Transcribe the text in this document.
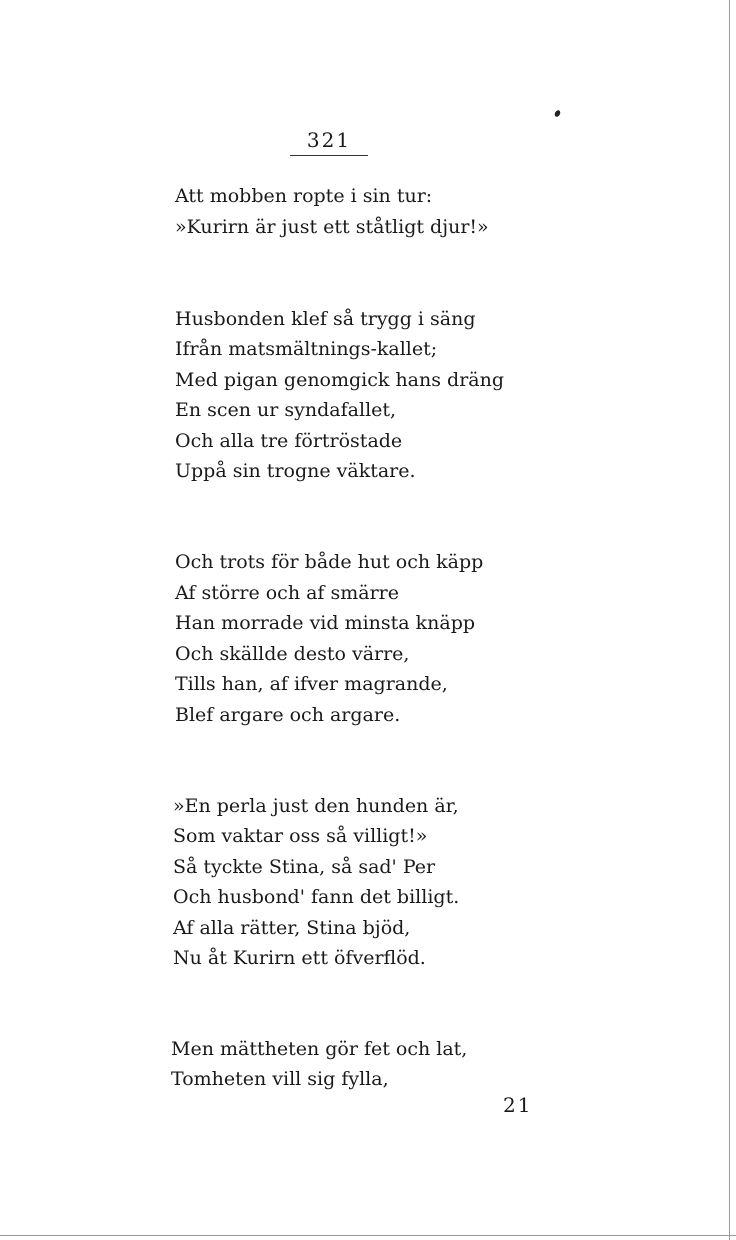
321
Att mobben ropte i sin tur:
»Kurirn är just ett ståtligt djur!»
Husbonden klef så trygg i säng
Ifrån matsmältnings-kallet;
Med pigan genomgick hans dräng
En scen ur syndafallet,
Och alla tre förtröstade
Uppå sin trogne väktare.
Och trots för både hut och käpp
Af större och af smärre
Han morrade vid minsta knäpp
Och skällde desto värre,
Tills han, af ifver magrande,
Blef argare och argare.
»En perla just den hunden är,
Som vaktar oss så villigt!»
Så tyckte Stina, så sad' Per
Och husbond' fann det billigt.
Af alla rätter, Stina bjöd,
Nu åt Kurirn ett öfverflöd.
Men mättheten gör fet och lat,
Tomheten vill sig fylla,
21
